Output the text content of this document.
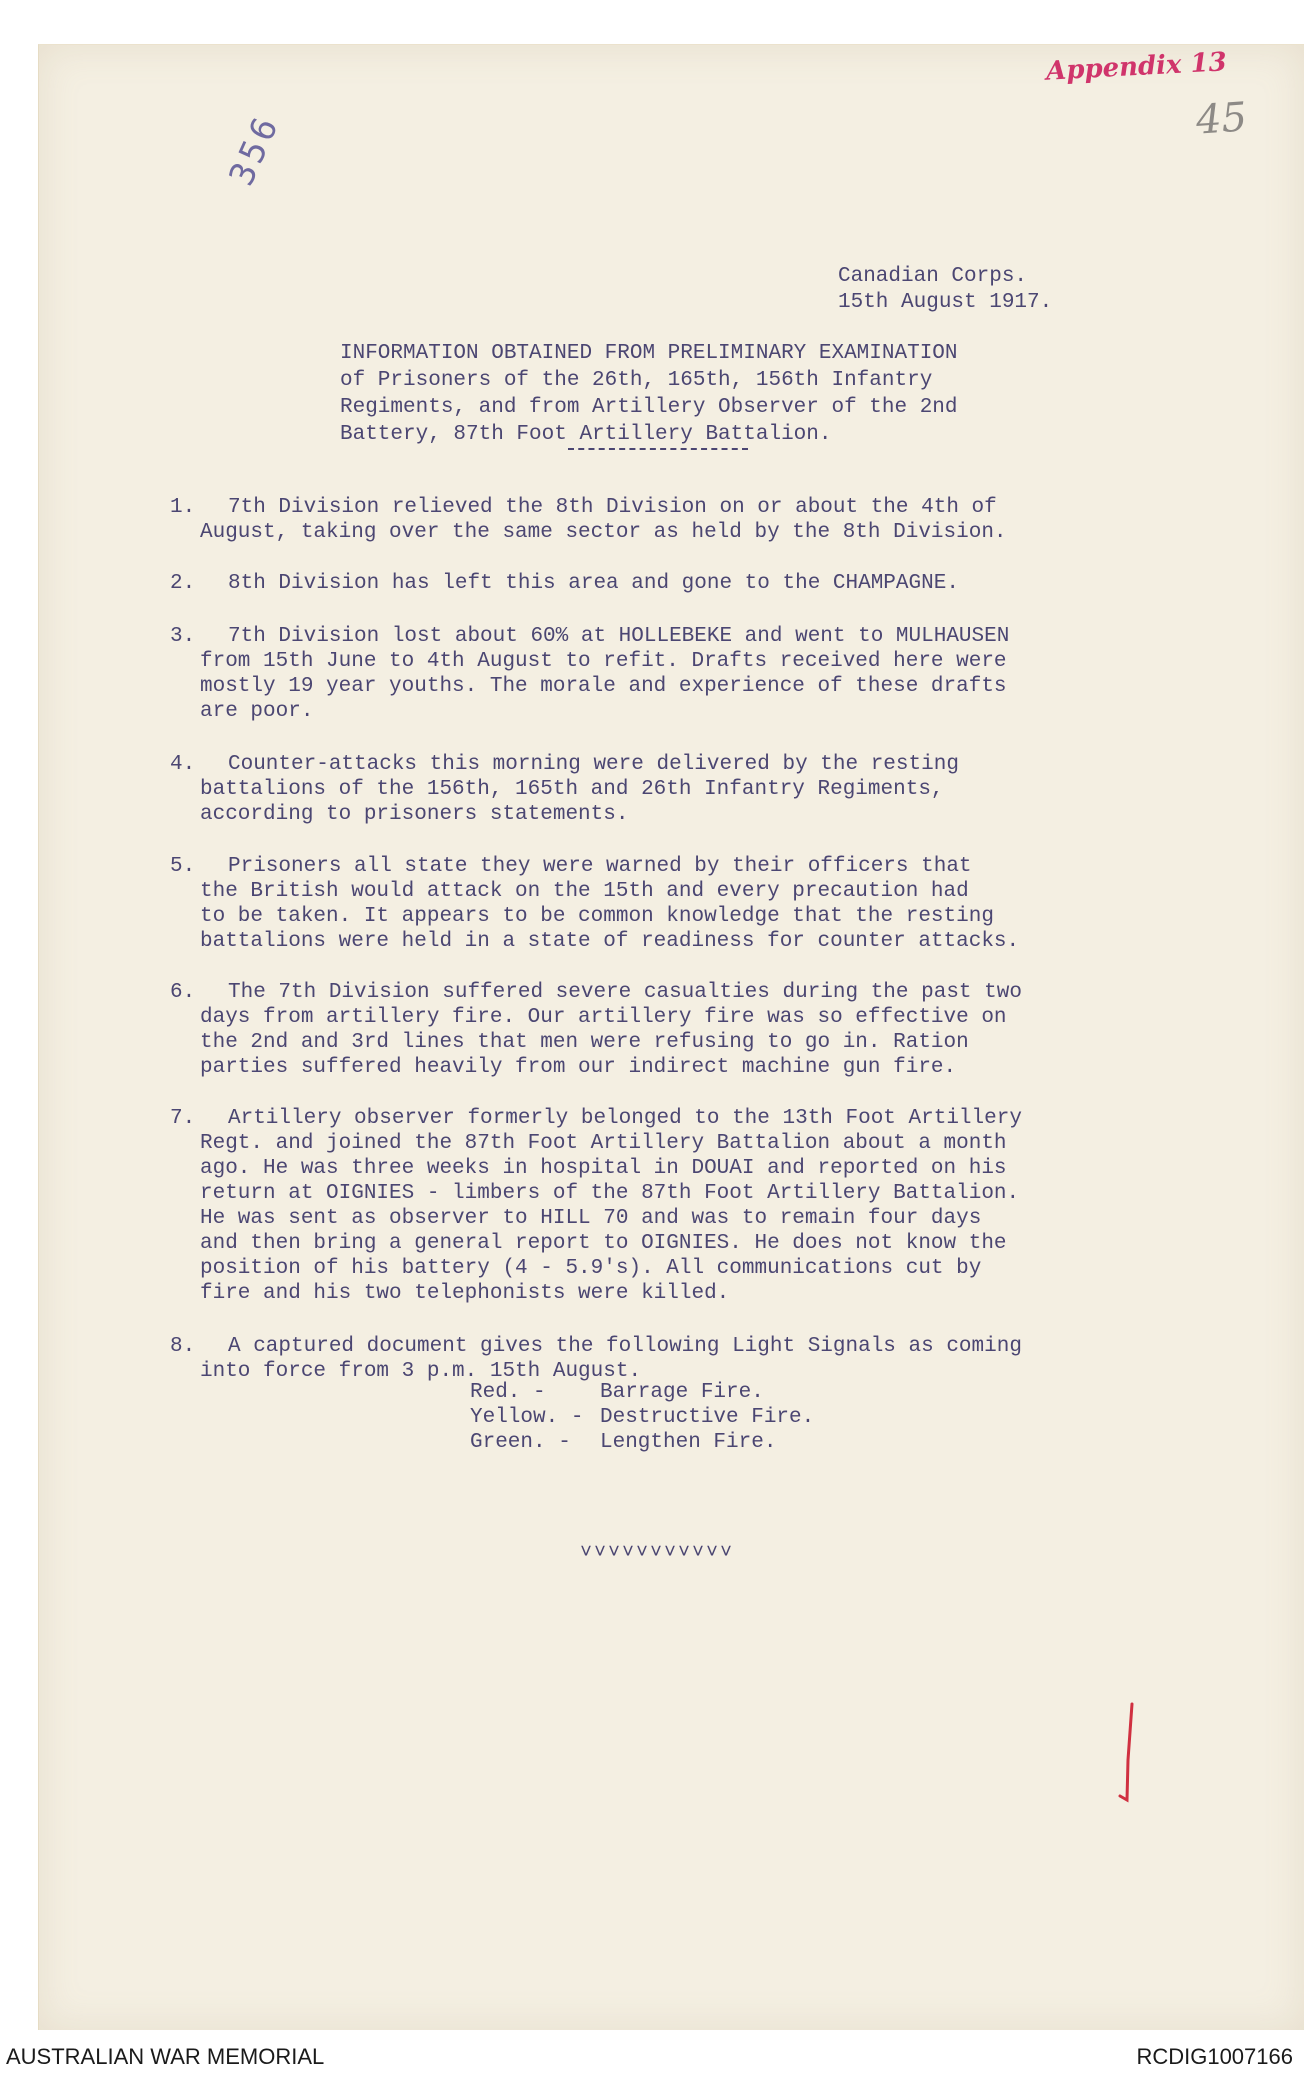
Appendix 13
45
356
Canadian Corps.
15th August 1917.
INFORMATION OBTAINED FROM PRELIMINARY EXAMINATION
of Prisoners of the 26th, 165th, 156th Infantry
Regiments, and from Artillery Observer of the 2nd
Battery, 87th Foot Artillery Battalion.
1. 7th Division relieved the 8th Division on or about the 4th of
August, taking over the same sector as held by the 8th Division.
2. 8th Division has left this area and gone to the CHAMPAGNE.
3. 7th Division lost about 60% at HOLLEBEKE and went to MULHAUSEN
from 15th June to 4th August to refit. Drafts received here were
mostly 19 year youths. The morale and experience of these drafts
are poor.
4. Counter-attacks this morning were delivered by the resting
battalions of the 156th, 165th and 26th Infantry Regiments,
according to prisoners statements.
5. Prisoners all state they were warned by their officers that
the British would attack on the 15th and every precaution had
to be taken. It appears to be common knowledge that the resting
battalions were held in a state of readiness for counter attacks.
6. The 7th Division suffered severe casualties during the past two
days from artillery fire. Our artillery fire was so effective on
the 2nd and 3rd lines that men were refusing to go in. Ration
parties suffered heavily from our indirect machine gun fire.
7. Artillery observer formerly belonged to the 13th Foot Artillery
Regt. and joined the 87th Foot Artillery Battalion about a month
ago. He was three weeks in hospital in DOUAI and reported on his
return at OIGNIES - limbers of the 87th Foot Artillery Battalion.
He was sent as observer to HILL 70 and was to remain four days
and then bring a general report to OIGNIES. He does not know the
position of his battery (4 - 5.9's). All communications cut by
fire and his two telephonists were killed.
8. A captured document gives the following Light Signals as coming
into force from 3 p.m. 15th August.
Red. -	Barrage Fire.
Yellow. - Destructive Fire.
Green. - Lengthen Fire.
˅˅˅˅˅˅˅˅˅˅˅
AUSTRALIAN WAR MEMORIAL	RCDIG1007166
